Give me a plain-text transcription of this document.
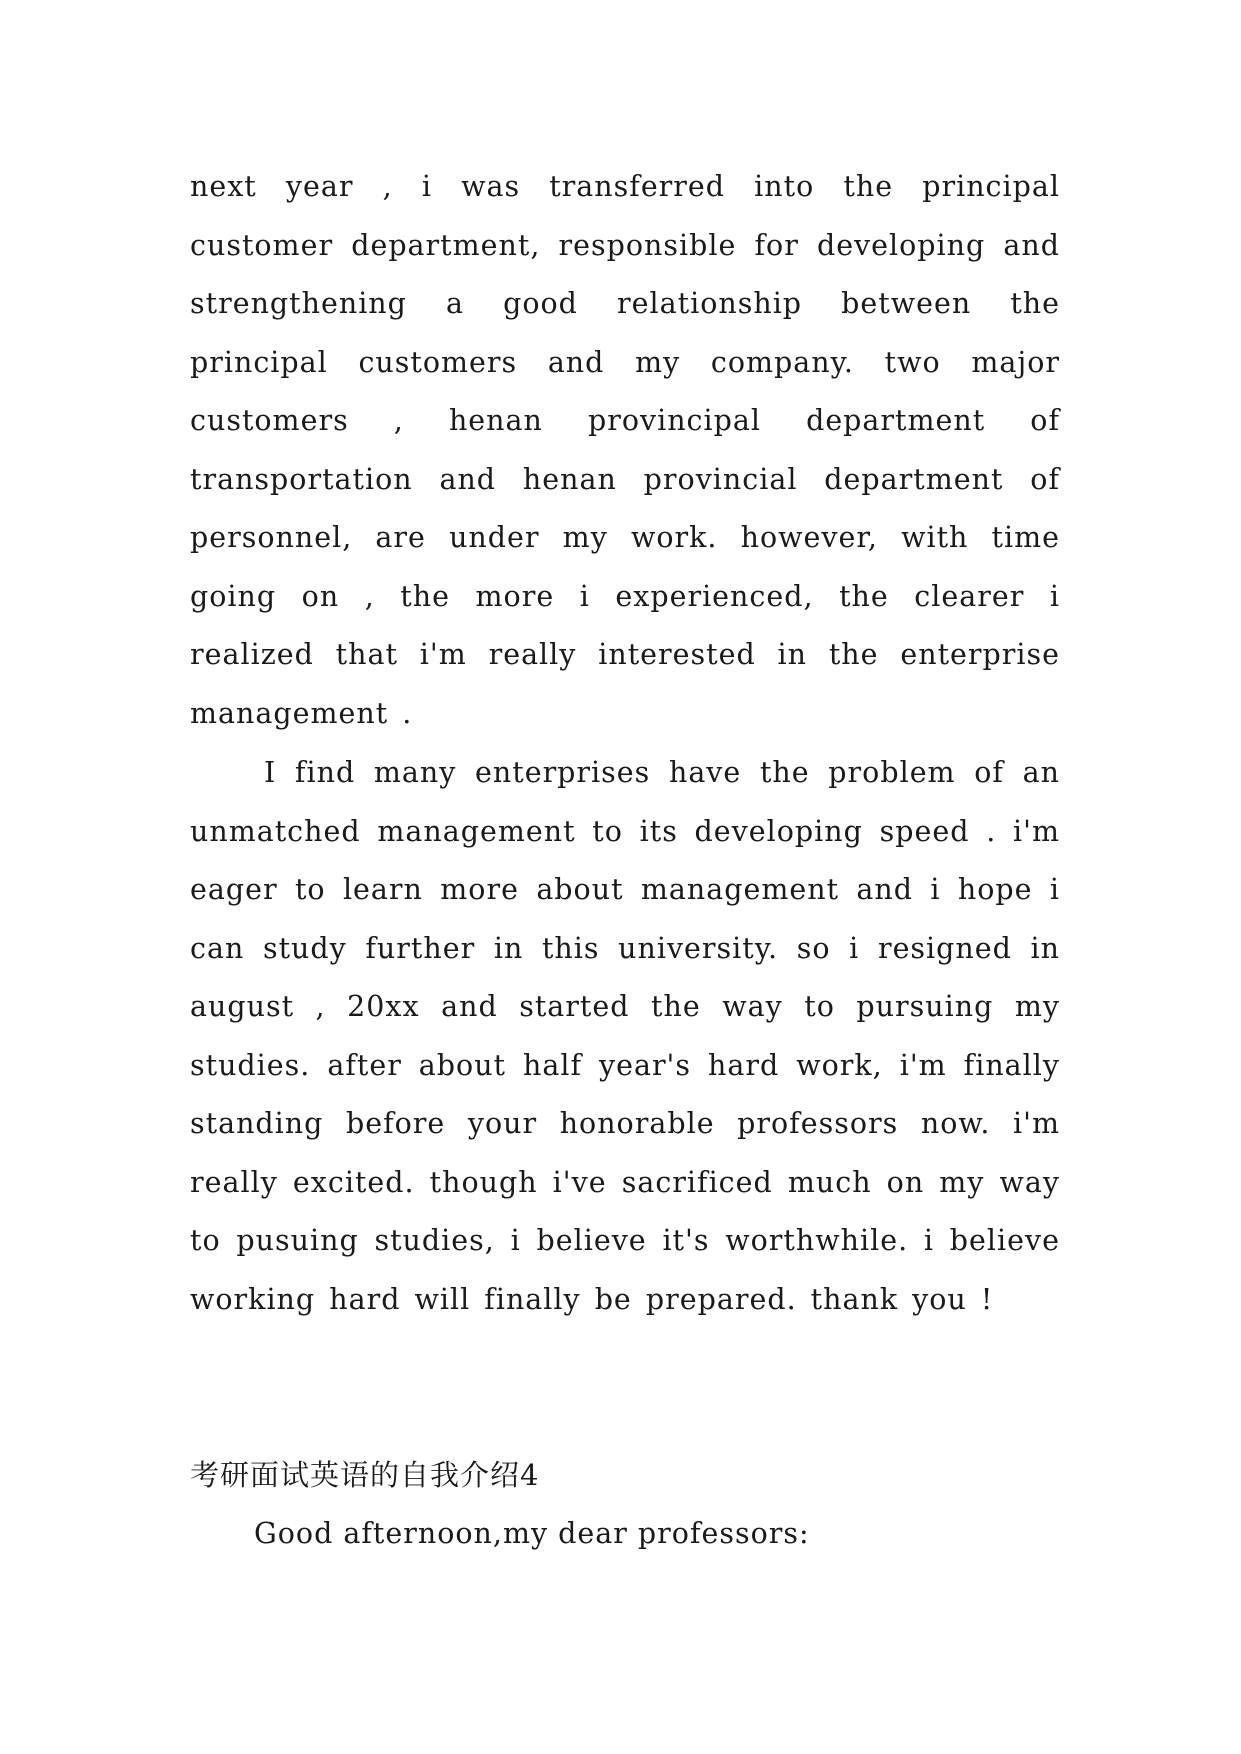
next year , i was transferred into the principal customer department, responsible for developing and strengthening a good relationship between the principal customers and my company. two major customers , henan provincipal department of transportation and henan provincial department of personnel, are under my work. however, with time going on , the more i experienced, the clearer i realized that i'm really interested in the enterprise management .

I find many enterprises have the problem of an unmatched management to its developing speed . i'm eager to learn more about management and i hope i can study further in this university. so i resigned in august , 20xx and started the way to pursuing my studies. after about half year's hard work, i'm finally standing before your honorable professors now. i'm really excited. though i've sacrificed much on my way to pusuing studies, i believe it's worthwhile. i believe working hard will finally be prepared. thank you !

考研面试英语的自我介绍4
Good afternoon,my dear professors:
